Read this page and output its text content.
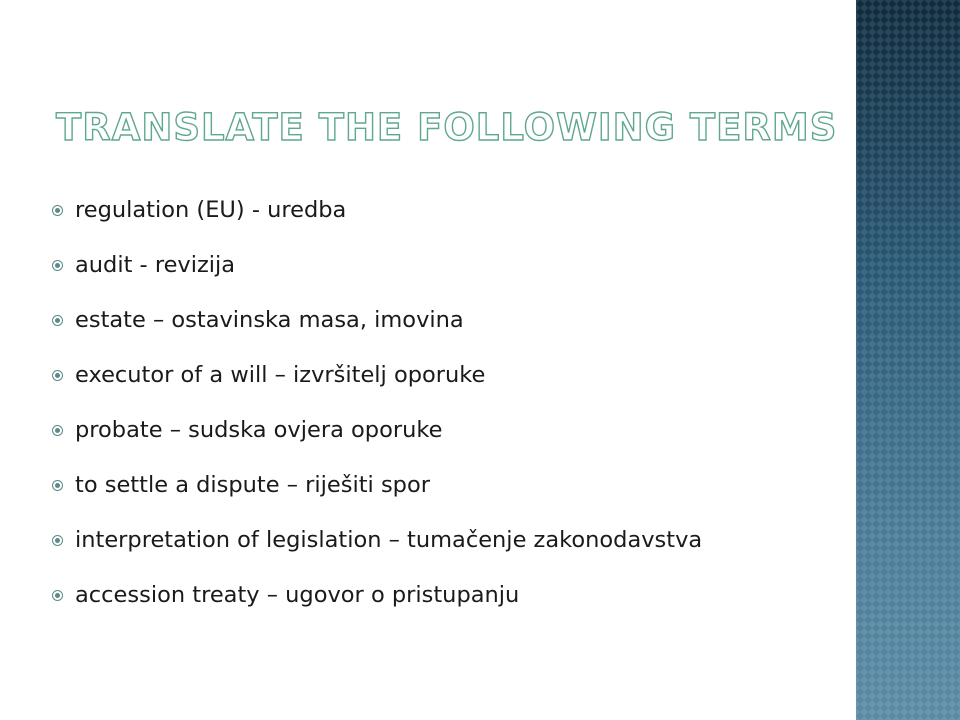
TRANSLATE THE FOLLOWING TERMS
regulation (EU) - uredba
audit - revizija
estate – ostavinska masa, imovina
executor of a will – izvršitelj oporuke
probate – sudska ovjera oporuke
to settle a dispute – riješiti spor
interpretation of legislation – tumačenje zakonodavstva
accession treaty – ugovor o pristupanju
